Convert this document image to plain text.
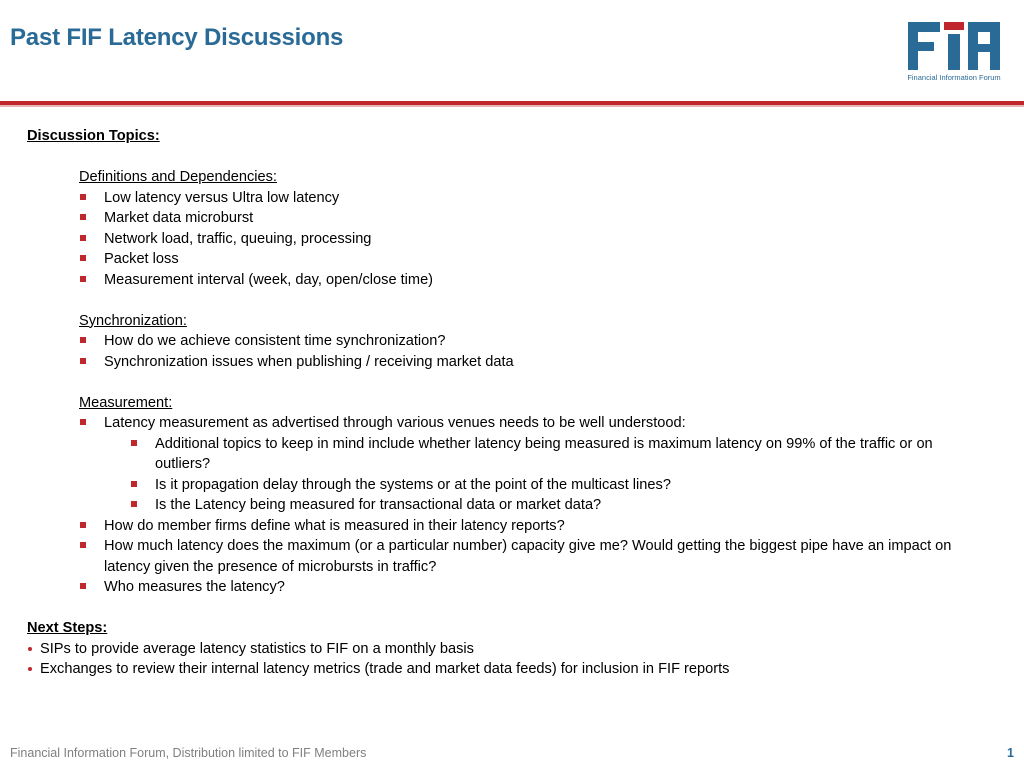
Past FIF Latency Discussions
Financial Information Forum
Discussion Topics:
Definitions and Dependencies:
Low latency versus Ultra low latency
Market data microburst
Network load, traffic, queuing, processing
Packet loss
Measurement interval (week, day, open/close time)
Synchronization:
How do we achieve consistent time synchronization?
Synchronization issues when publishing / receiving market data
Measurement:
Latency measurement as advertised through various venues needs to be well understood:
Additional topics to keep in mind include whether latency being measured is maximum latency on 99% of the traffic or on outliers?
Is it propagation delay through the systems or at the point of the multicast lines?
Is the Latency being measured for transactional data or market data?
How do member firms define what is measured in their latency reports?
How much latency does the maximum (or a particular number) capacity give me? Would getting the biggest pipe have an impact on latency given the presence of microbursts in traffic?
Who measures the latency?
Next Steps:
SIPs to provide average latency statistics to FIF on a monthly basis
Exchanges to review their internal latency metrics (trade and market data feeds) for inclusion in FIF reports
Financial Information Forum, Distribution limited to FIF Members	1
